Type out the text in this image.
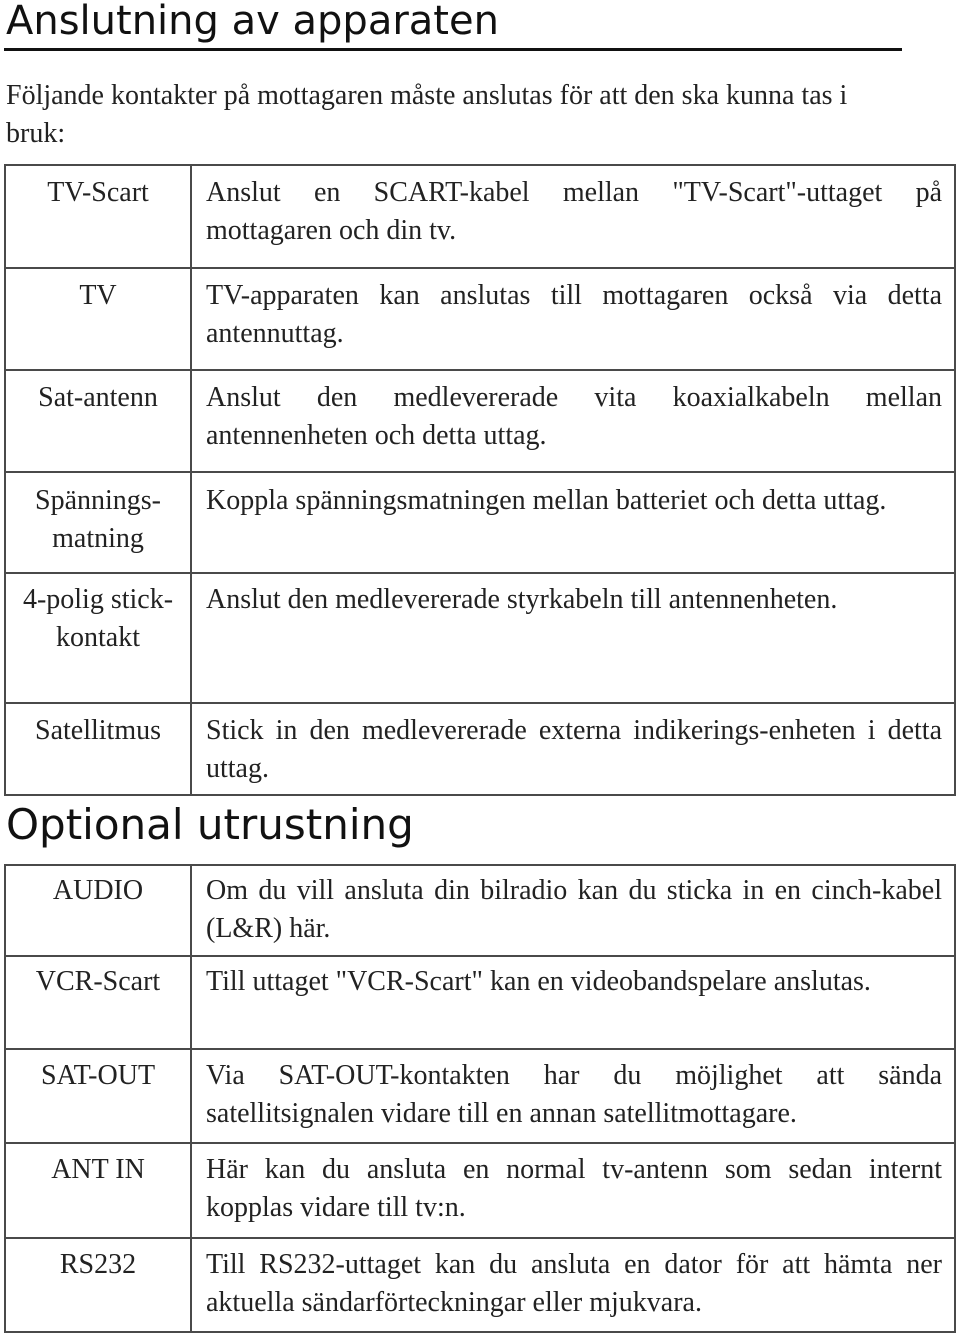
Anslutning av apparaten

Följande kontakter på mottagaren måste anslutas för att den ska kunna tas i bruk:

TV-Scart	Anslut en SCART-kabel mellan "TV-Scart"-uttaget på mottagaren och din tv.
TV	TV-apparaten kan anslutas till mottagaren också via detta antennuttag.
Sat-antenn	Anslut den medlevererade vita koaxialkabeln mellan antennenheten och detta uttag.
Spännings-matning	Koppla spänningsmatningen mellan batteriet och detta uttag.
4-polig stick-kontakt	Anslut den medlevererade styrkabeln till antennenheten.
Satellitmus	Stick in den medlevererade externa indikerings-enheten i detta uttag.
Optional utrustning
AUDIO	Om du vill ansluta din bilradio kan du sticka in en cinch-kabel (L&R) här.
VCR-Scart	Till uttaget "VCR-Scart" kan en videobandspelare anslutas.
SAT-OUT	Via SAT-OUT-kontakten har du möjlighet att sända satellitsignalen vidare till en annan satellitmottagare.
ANT IN	Här kan du ansluta en normal tv-antenn som sedan internt kopplas vidare till tv:n.
RS232	Till RS232-uttaget kan du ansluta en dator för att hämta ner aktuella sändarförteckningar eller mjukvara.
